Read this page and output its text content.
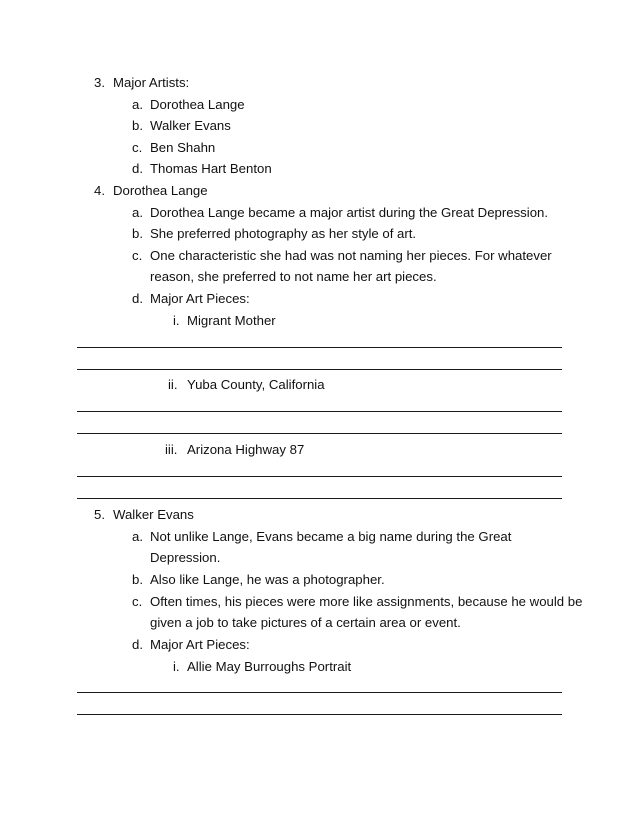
3. Major Artists:
a. Dorothea Lange
b. Walker Evans
c. Ben Shahn
d. Thomas Hart Benton
4. Dorothea Lange
a. Dorothea Lange became a major artist during the Great Depression.
b. She preferred photography as her style of art.
c. One characteristic she had was not naming her pieces. For whatever
reason, she preferred to not name her art pieces.
d. Major Art Pieces:
i. Migrant Mother
ii. Yuba County, California
iii. Arizona Highway 87
5. Walker Evans
a. Not unlike Lange, Evans became a big name during the Great
Depression.
b. Also like Lange, he was a photographer.
c. Often times, his pieces were more like assignments, because he would be
given a job to take pictures of a certain area or event.
d. Major Art Pieces:
i. Allie May Burroughs Portrait
